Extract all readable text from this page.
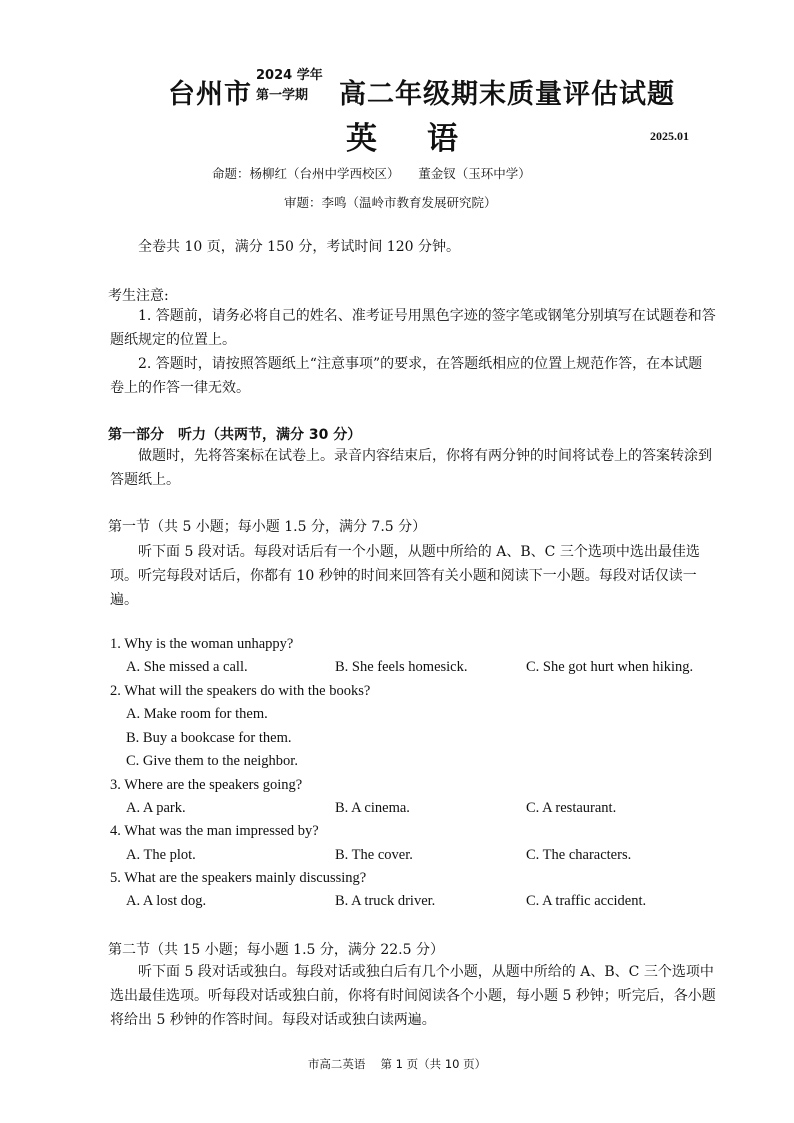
台州市
2024 学年
第一学期	高二年级期末质量评估试题
英语	2025.01
命题：杨柳红（台州中学西校区）　　董金钗（玉环中学）
审题：李鸣（温岭市教育发展研究院）
全卷共 10 页，满分 150 分，考试时间 120 分钟。
考生注意:
1. 答题前，请务必将自己的姓名、准考证号用黑色字迹的签字笔或钢笔分别填写在试题卷和答题纸规定的位置上。
2. 答题时，请按照答题纸上“注意事项”的要求，在答题纸相应的位置上规范作答，在本试题卷上的作答一律无效。
第一部分　听力（共两节，满分 30 分）
做题时，先将答案标在试卷上。录音内容结束后，你将有两分钟的时间将试卷上的答案转涂到答题纸上。
第一节（共 5 小题；每小题 1.5 分，满分 7.5 分）
听下面 5 段对话。每段对话后有一个小题，从题中所给的 A、B、C 三个选项中选出最佳选项。听完每段对话后，你都有 10 秒钟的时间来回答有关小题和阅读下一小题。每段对话仅读一遍。
1. Why is the woman unhappy?
A. She missed a call.	B. She feels homesick.	C. She got hurt when hiking.
2. What will the speakers do with the books?
A. Make room for them.
B. Buy a bookcase for them.
C. Give them to the neighbor.
3. Where are the speakers going?
A. A park.	B. A cinema.	C. A restaurant.
4. What was the man impressed by?
A. The plot.	B. The cover.	C. The characters.
5. What are the speakers mainly discussing?
A. A lost dog.	B. A truck driver.	C. A traffic accident.
第二节（共 15 小题；每小题 1.5 分，满分 22.5 分）
听下面 5 段对话或独白。每段对话或独白后有几个小题，从题中所给的 A、B、C 三个选项中选出最佳选项。听每段对话或独白前，你将有时间阅读各个小题，每小题 5 秒钟；听完后，各小题将给出 5 秒钟的作答时间。每段对话或独白读两遍。
市高二英语　 第 1 页（共 10 页）
